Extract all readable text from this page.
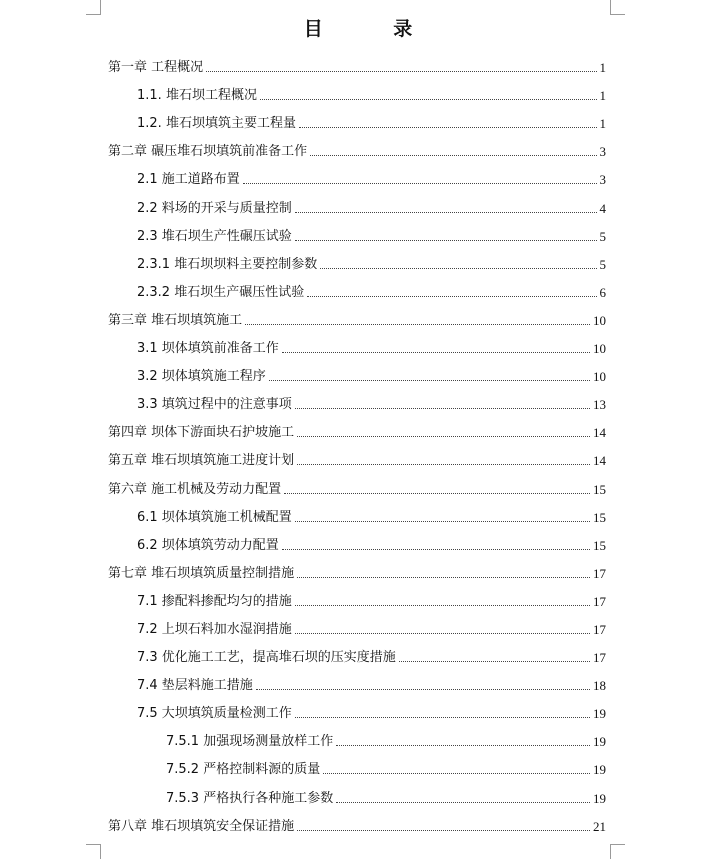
目 录
第一章 工程概况	1
1.1. 堆石坝工程概况	1
1.2. 堆石坝填筑主要工程量	1
第二章 碾压堆石坝填筑前准备工作	3
2.1 施工道路布置	3
2.2 料场的开采与质量控制	4
2.3 堆石坝生产性碾压试验	5
2.3.1 堆石坝坝料主要控制参数	5
2.3.2 堆石坝生产碾压性试验	6
第三章 堆石坝填筑施工	10
3.1 坝体填筑前准备工作	10
3.2 坝体填筑施工程序	10
3.3 填筑过程中的注意事项	13
第四章 坝体下游面块石护坡施工	14
第五章 堆石坝填筑施工进度计划	14
第六章 施工机械及劳动力配置	15
6.1 坝体填筑施工机械配置	15
6.2 坝体填筑劳动力配置	15
第七章 堆石坝填筑质量控制措施	17
7.1 掺配料掺配均匀的措施	17
7.2 上坝石料加水湿润措施	17
7.3 优化施工工艺，提高堆石坝的压实度措施	17
7.4 垫层料施工措施	18
7.5 大坝填筑质量检测工作	19
7.5.1 加强现场测量放样工作	19
7.5.2 严格控制料源的质量	19
7.5.3 严格执行各种施工参数	19
第八章 堆石坝填筑安全保证措施	21
